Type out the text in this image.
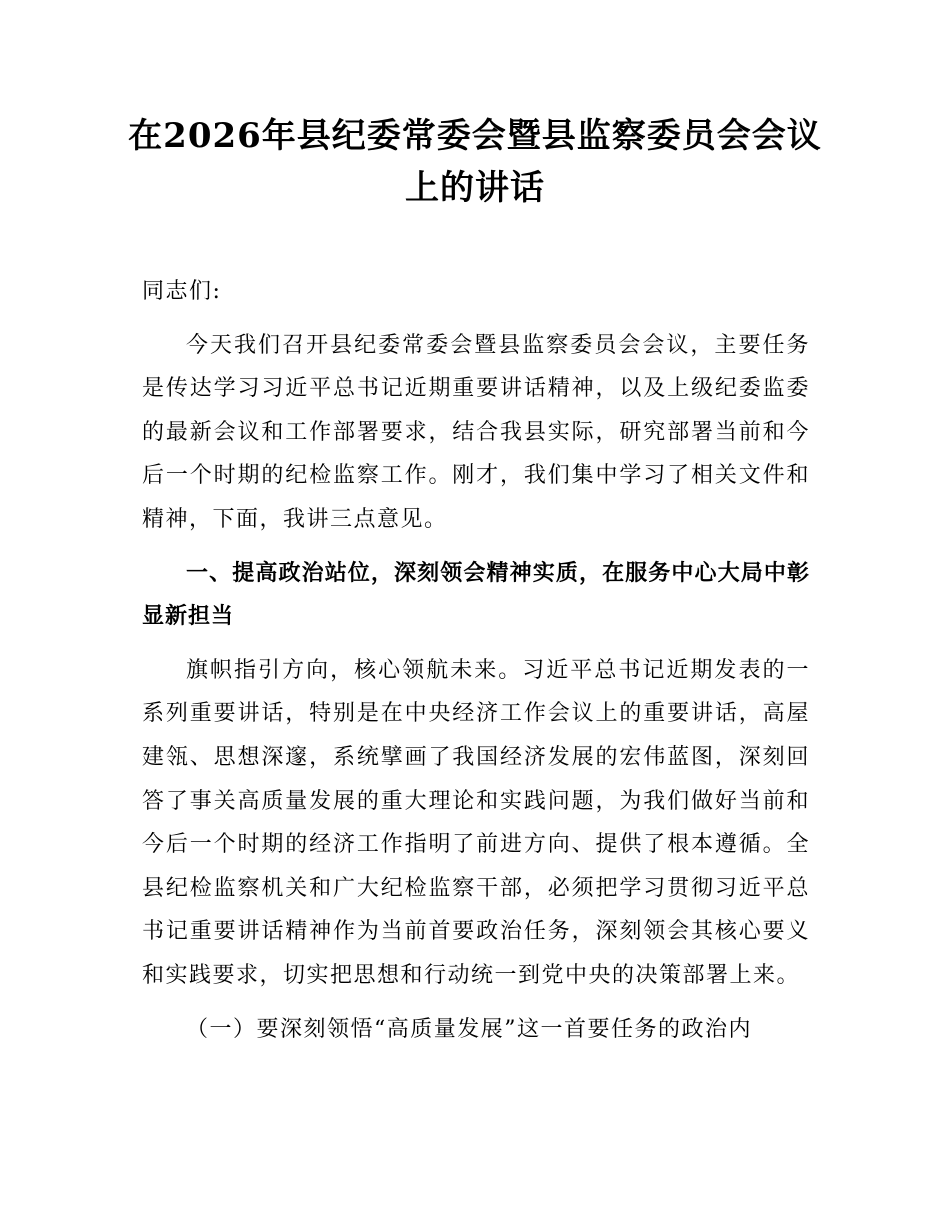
在2026年县纪委常委会暨县监察委员会会议上的讲话

同志们:

今天我们召开县纪委常委会暨县监察委员会会议，主要任务是传达学习习近平总书记近期重要讲话精神，以及上级纪委监委的最新会议和工作部署要求，结合我县实际，研究部署当前和今后一个时期的纪检监察工作。刚才，我们集中学习了相关文件和精神，下面，我讲三点意见。

一、提高政治站位，深刻领会精神实质，在服务中心大局中彰显新担当

旗帜指引方向，核心领航未来。习近平总书记近期发表的一系列重要讲话，特别是在中央经济工作会议上的重要讲话，高屋建瓴、思想深邃，系统擘画了我国经济发展的宏伟蓝图，深刻回答了事关高质量发展的重大理论和实践问题，为我们做好当前和今后一个时期的经济工作指明了前进方向、提供了根本遵循。全县纪检监察机关和广大纪检监察干部，必须把学习贯彻习近平总书记重要讲话精神作为当前首要政治任务，深刻领会其核心要义和实践要求，切实把思想和行动统一到党中央的决策部署上来。

（一）要深刻领悟“高质量发展”这一首要任务的政治内
